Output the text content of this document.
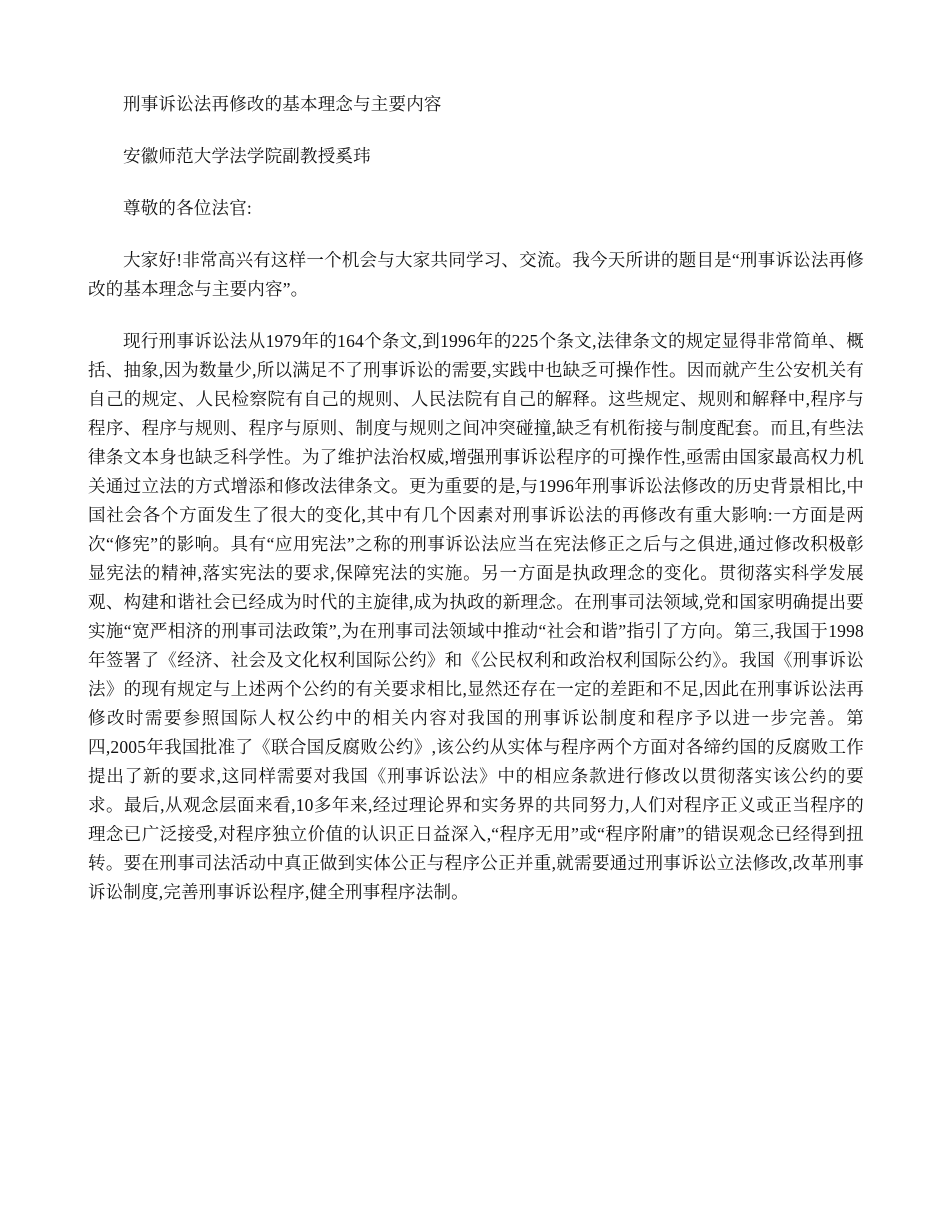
刑事诉讼法再修改的基本理念与主要内容

安徽师范大学法学院副教授奚玮

尊敬的各位法官:

大家好!非常高兴有这样一个机会与大家共同学习、交流。我今天所讲的题目是“刑事诉讼法再修改的基本理念与主要内容”。

现行刑事诉讼法从1979年的164个条文,到1996年的225个条文,法律条文的规定显得非常简单、概括、抽象,因为数量少,所以满足不了刑事诉讼的需要,实践中也缺乏可操作性。因而就产生公安机关有自己的规定、人民检察院有自己的规则、人民法院有自己的解释。这些规定、规则和解释中,程序与程序、程序与规则、程序与原则、制度与规则之间冲突碰撞,缺乏有机衔接与制度配套。而且,有些法律条文本身也缺乏科学性。为了维护法治权威,增强刑事诉讼程序的可操作性,亟需由国家最高权力机关通过立法的方式增添和修改法律条文。更为重要的是,与1996年刑事诉讼法修改的历史背景相比,中国社会各个方面发生了很大的变化,其中有几个因素对刑事诉讼法的再修改有重大影响:一方面是两次“修宪”的影响。具有“应用宪法”之称的刑事诉讼法应当在宪法修正之后与之俱进,通过修改积极彰显宪法的精神,落实宪法的要求,保障宪法的实施。另一方面是执政理念的变化。贯彻落实科学发展观、构建和谐社会已经成为时代的主旋律,成为执政的新理念。在刑事司法领域,党和国家明确提出要实施“宽严相济的刑事司法政策”,为在刑事司法领域中推动“社会和谐”指引了方向。第三,我国于1998年签署了《经济、社会及文化权利国际公约》和《公民权利和政治权利国际公约》。我国《刑事诉讼法》的现有规定与上述两个公约的有关要求相比,显然还存在一定的差距和不足,因此在刑事诉讼法再修改时需要参照国际人权公约中的相关内容对我国的刑事诉讼制度和程序予以进一步完善。第四,2005年我国批准了《联合国反腐败公约》,该公约从实体与程序两个方面对各缔约国的反腐败工作提出了新的要求,这同样需要对我国《刑事诉讼法》中的相应条款进行修改以贯彻落实该公约的要求。最后,从观念层面来看,10多年来,经过理论界和实务界的共同努力,人们对程序正义或正当程序的理念已广泛接受,对程序独立价值的认识正日益深入,“程序无用”或“程序附庸”的错误观念已经得到扭转。要在刑事司法活动中真正做到实体公正与程序公正并重,就需要通过刑事诉讼立法修改,改革刑事诉讼制度,完善刑事诉讼程序,健全刑事程序法制。
